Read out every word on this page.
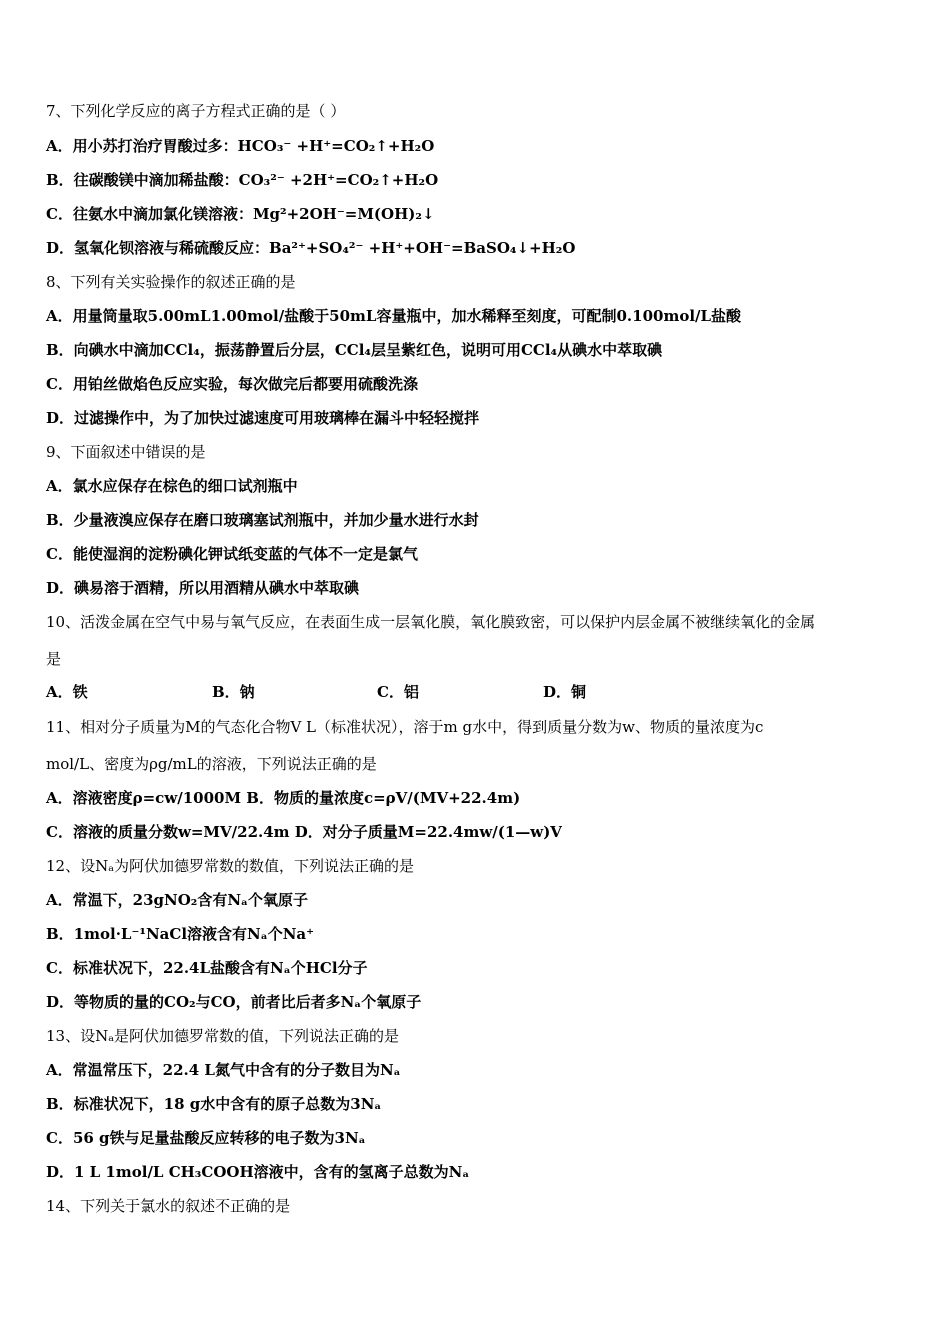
7、下列化学反应的离子方程式正确的是（ ）
A．用小苏打治疗胃酸过多：HCO₃⁻ +H⁺=CO₂↑+H₂O
B．往碳酸镁中滴加稀盐酸：CO₃²⁻ +2H⁺=CO₂↑+H₂O
C．往氨水中滴加氯化镁溶液：Mg²+2OH⁻=M(OH)₂↓
D．氢氧化钡溶液与稀硫酸反应：Ba²⁺+SO₄²⁻ +H⁺+OH⁻=BaSO₄↓+H₂O
8、下列有关实验操作的叙述正确的是
A．用量筒量取5.00mL1.00mol/盐酸于50mL容量瓶中，加水稀释至刻度，可配制0.100mol/L盐酸
B．向碘水中滴加CCl₄，振荡静置后分层，CCl₄层呈紫红色，说明可用CCl₄从碘水中萃取碘
C．用铂丝做焰色反应实验，每次做完后都要用硫酸洗涤
D．过滤操作中，为了加快过滤速度可用玻璃棒在漏斗中轻轻搅拌
9、下面叙述中错误的是
A．氯水应保存在棕色的细口试剂瓶中
B．少量液溴应保存在磨口玻璃塞试剂瓶中，并加少量水进行水封
C．能使湿润的淀粉碘化钾试纸变蓝的气体不一定是氯气
D．碘易溶于酒精，所以用酒精从碘水中萃取碘
10、活泼金属在空气中易与氧气反应，在表面生成一层氧化膜，氧化膜致密，可以保护内层金属不被继续氧化的金属
是
A．铁	B．钠	C．铝	D．铜
11、相对分子质量为M的气态化合物V L（标准状况），溶于m g水中，得到质量分数为w、物质的量浓度为c
mol/L、密度为ρg/mL的溶液，下列说法正确的是
A．溶液密度ρ=cw/1000M B．物质的量浓度c=ρV/(MV+22.4m)
C．溶液的质量分数w=MV/22.4m D．对分子质量M=22.4mw/(1—w)V
12、设Nₐ为阿伏加德罗常数的数值，下列说法正确的是
A．常温下，23gNO₂含有Nₐ个氧原子
B．1mol·L⁻¹NaCl溶液含有Nₐ个Na⁺
C．标准状况下，22.4L盐酸含有Nₐ个HCl分子
D．等物质的量的CO₂与CO，前者比后者多Nₐ个氧原子
13、设Nₐ是阿伏加德罗常数的值，下列说法正确的是
A．常温常压下，22.4 L氮气中含有的分子数目为Nₐ
B．标准状况下，18 g水中含有的原子总数为3Nₐ
C．56 g铁与足量盐酸反应转移的电子数为3Nₐ
D．1 L 1mol/L CH₃COOH溶液中，含有的氢离子总数为Nₐ
14、下列关于氯水的叙述不正确的是
